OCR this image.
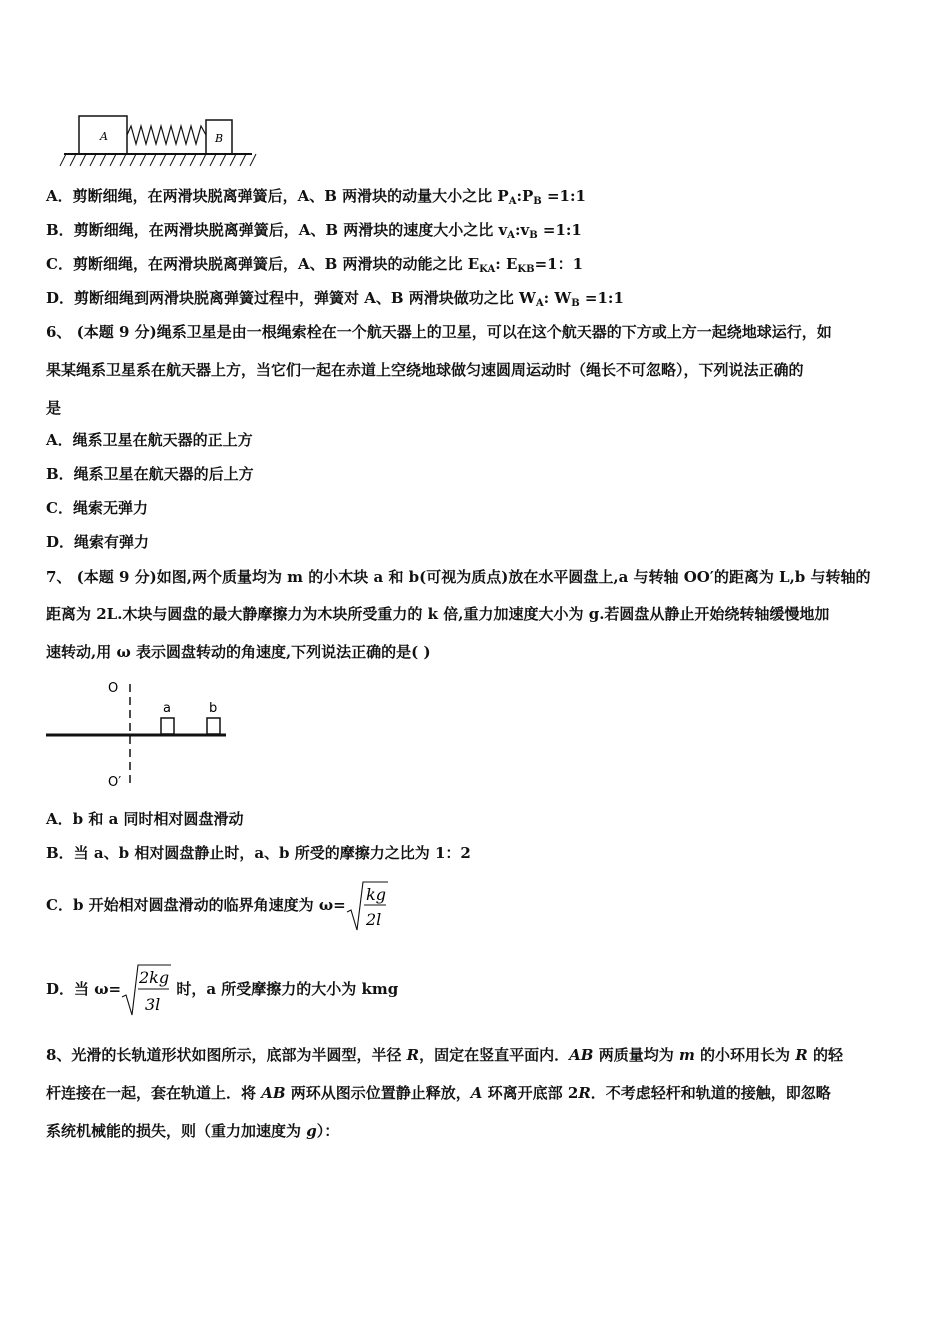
A	B
A．剪断细绳，在两滑块脱离弹簧后，A、B 两滑块的动量大小之比 $P_A:P_B$ =1:1
B．剪断细绳，在两滑块脱离弹簧后，A、B 两滑块的速度大小之比 $v_A:v_B$ =1:1
C．剪断细绳，在两滑块脱离弹簧后，A、B 两滑块的动能之比 $E_{KA}$: $E_{KB}=1$：1
D．剪断细绳到两滑块脱离弹簧过程中，弹簧对 A、B 两滑块做功之比 $W_A$: $W_B$ =1:1
6、 (本题 9 分)绳系卫星是由一根绳索栓在一个航天器上的卫星，可以在这个航天器的下方或上方一起绕地球运行，如
果某绳系卫星系在航天器上方，当它们一起在赤道上空绕地球做匀速圆周运动时（绳长不可忽略），下列说法正确的
是
A．绳系卫星在航天器的正上方
B．绳系卫星在航天器的后上方
C．绳索无弹力
D．绳索有弹力
7、 (本题 9 分)如图,两个质量均为 m 的小木块 a 和 b(可视为质点)放在水平圆盘上,a 与转轴 OO′的距离为 L,b 与转轴的
距离为 2L.木块与圆盘的最大静摩擦力为木块所受重力的 k 倍,重力加速度大小为 g.若圆盘从静止开始绕转轴缓慢地加
速转动,用 ω 表示圆盘转动的角速度,下列说法正确的是( )
O
a	b
O′
A．b 和 a 同时相对圆盘滑动
B．当 a、b 相对圆盘静止时，a、b 所受的摩擦力之比为 1：2
C．b 开始相对圆盘滑动的临界角速度为 ω=
kg
2l
D．当 ω=
2kg
3l
时，a 所受摩擦力的大小为 kmg
8、光滑的长轨道形状如图所示，底部为半圆型，半径 R，固定在竖直平面内．AB 两质量均为 m 的小环用长为 R 的轻
杆连接在一起，套在轨道上．将 AB 两环从图示位置静止释放，A 环离开底部 2R．不考虑轻杆和轨道的接触，即忽略
系统机械能的损失，则（重力加速度为 g）：
